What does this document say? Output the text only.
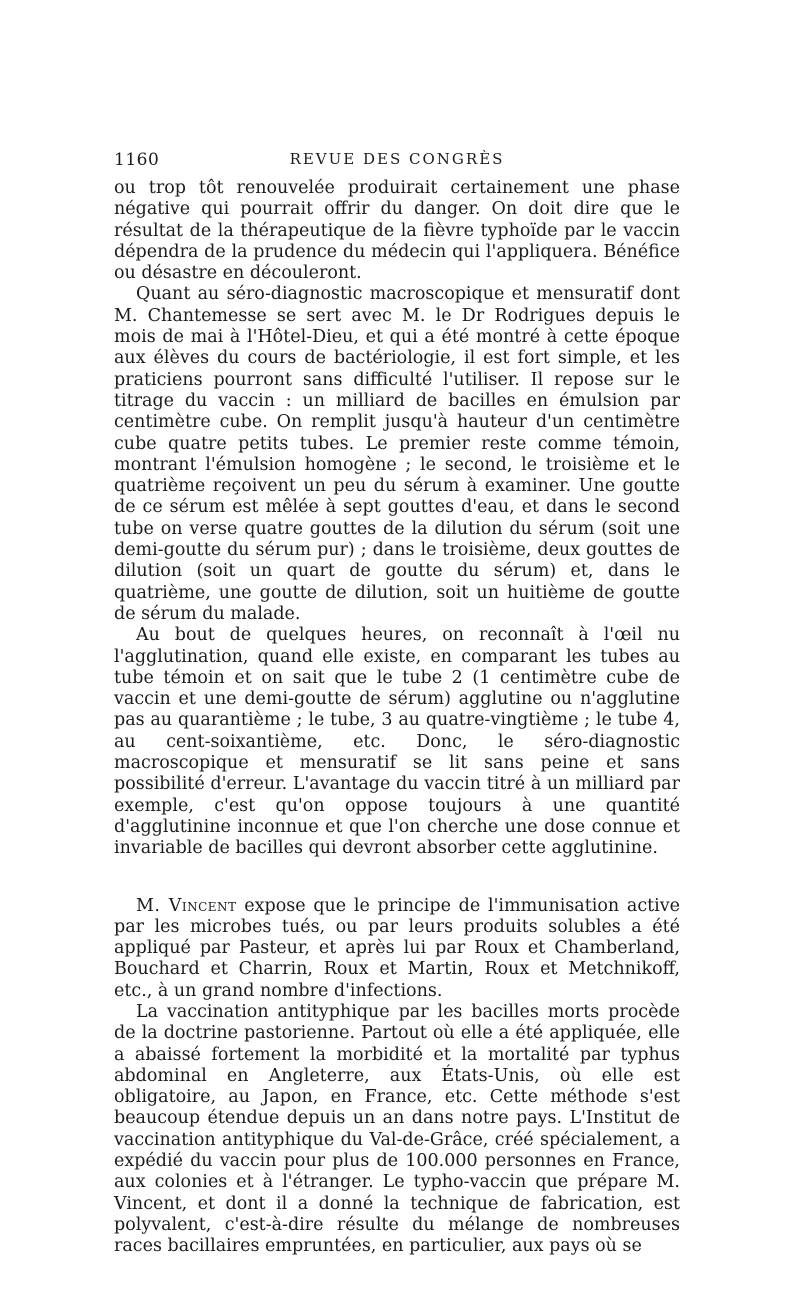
1160	REVUE DES CONGRÈS

ou trop tôt renouvelée produirait certainement une phase négative qui pourrait offrir du danger. On doit dire que le résultat de la thérapeutique de la fièvre typhoïde par le vaccin dépendra de la prudence du médecin qui l'appliquera. Bénéfice ou désastre en découleront.

Quant au séro-diagnostic macroscopique et mensuratif dont M. Chantemesse se sert avec M. le Dr Rodrigues depuis le mois de mai à l'Hôtel-Dieu, et qui a été montré à cette époque aux élèves du cours de bactériologie, il est fort simple, et les praticiens pourront sans difficulté l'utiliser. Il repose sur le titrage du vaccin : un milliard de bacilles en émulsion par centimètre cube. On remplit jusqu'à hauteur d'un centimètre cube quatre petits tubes. Le premier reste comme témoin, montrant l'émulsion homogène ; le second, le troisième et le quatrième reçoivent un peu du sérum à examiner. Une goutte de ce sérum est mêlée à sept gouttes d'eau, et dans le second tube on verse quatre gouttes de la dilution du sérum (soit une demi-goutte du sérum pur) ; dans le troisième, deux gouttes de dilution (soit un quart de goutte du sérum) et, dans le quatrième, une goutte de dilution, soit un huitième de goutte de sérum du malade.

Au bout de quelques heures, on reconnaît à l'œil nu l'agglutination, quand elle existe, en comparant les tubes au tube témoin et on sait que le tube 2 (1 centimètre cube de vaccin et une demi-goutte de sérum) agglutine ou n'agglutine pas au quarantième ; le tube, 3 au quatre-vingtième ; le tube 4, au cent-soixantième, etc. Donc, le séro-diagnostic macroscopique et mensuratif se lit sans peine et sans possibilité d'erreur. L'avantage du vaccin titré à un milliard par exemple, c'est qu'on oppose toujours à une quantité d'agglutinine inconnue et que l'on cherche une dose connue et invariable de bacilles qui devront absorber cette agglutinine.

M. Vincent expose que le principe de l'immunisation active par les microbes tués, ou par leurs produits solubles a été appliqué par Pasteur, et après lui par Roux et Chamberland, Bouchard et Charrin, Roux et Martin, Roux et Metchnikoff, etc., à un grand nombre d'infections.

La vaccination antityphique par les bacilles morts procède de la doctrine pastorienne. Partout où elle a été appliquée, elle a abaissé fortement la morbidité et la mortalité par typhus abdominal en Angleterre, aux États-Unis, où elle est obligatoire, au Japon, en France, etc. Cette méthode s'est beaucoup étendue depuis un an dans notre pays. L'Institut de vaccination antityphique du Val-de-Grâce, créé spécialement, a expédié du vaccin pour plus de 100.000 personnes en France, aux colonies et à l'étranger. Le typho-vaccin que prépare M. Vincent, et dont il a donné la technique de fabrication, est polyvalent, c'est-à-dire résulte du mélange de nombreuses races bacillaires empruntées, en particulier, aux pays où se
